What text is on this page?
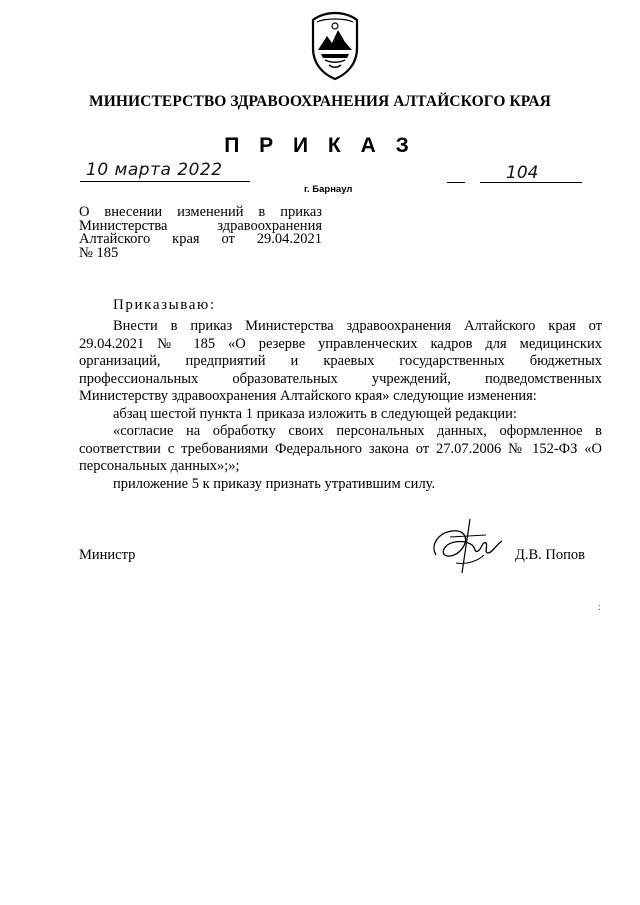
МИНИСТЕРСТВО ЗДРАВООХРАНЕНИЯ АЛТАЙСКОГО КРАЯ
П Р И К А З
10 марта 2022
г. Барнаул
104
О внесении изменений в приказ
Министерства здравоохранения
Алтайского края от 29.04.2021
№ 185
Приказываю:

Внести в приказ Министерства здравоохранения Алтайского края от 29.04.2021 № 185 «О резерве управленческих кадров для медицинских организаций, предприятий и краевых государственных бюджетных профессиональных образовательных учреждений, подведомственных Министерству здравоохранения Алтайского края» следующие изменения:

абзац шестой пункта 1 приказа изложить в следующей редакции:

«согласие на обработку своих персональных данных, оформленное в соответствии с требованиями Федерального закона от 27.07.2006 № 152-ФЗ «О персональных данных»;»;

приложение 5 к приказу признать утратившим силу.

Министр	Д.В. Попов
:
